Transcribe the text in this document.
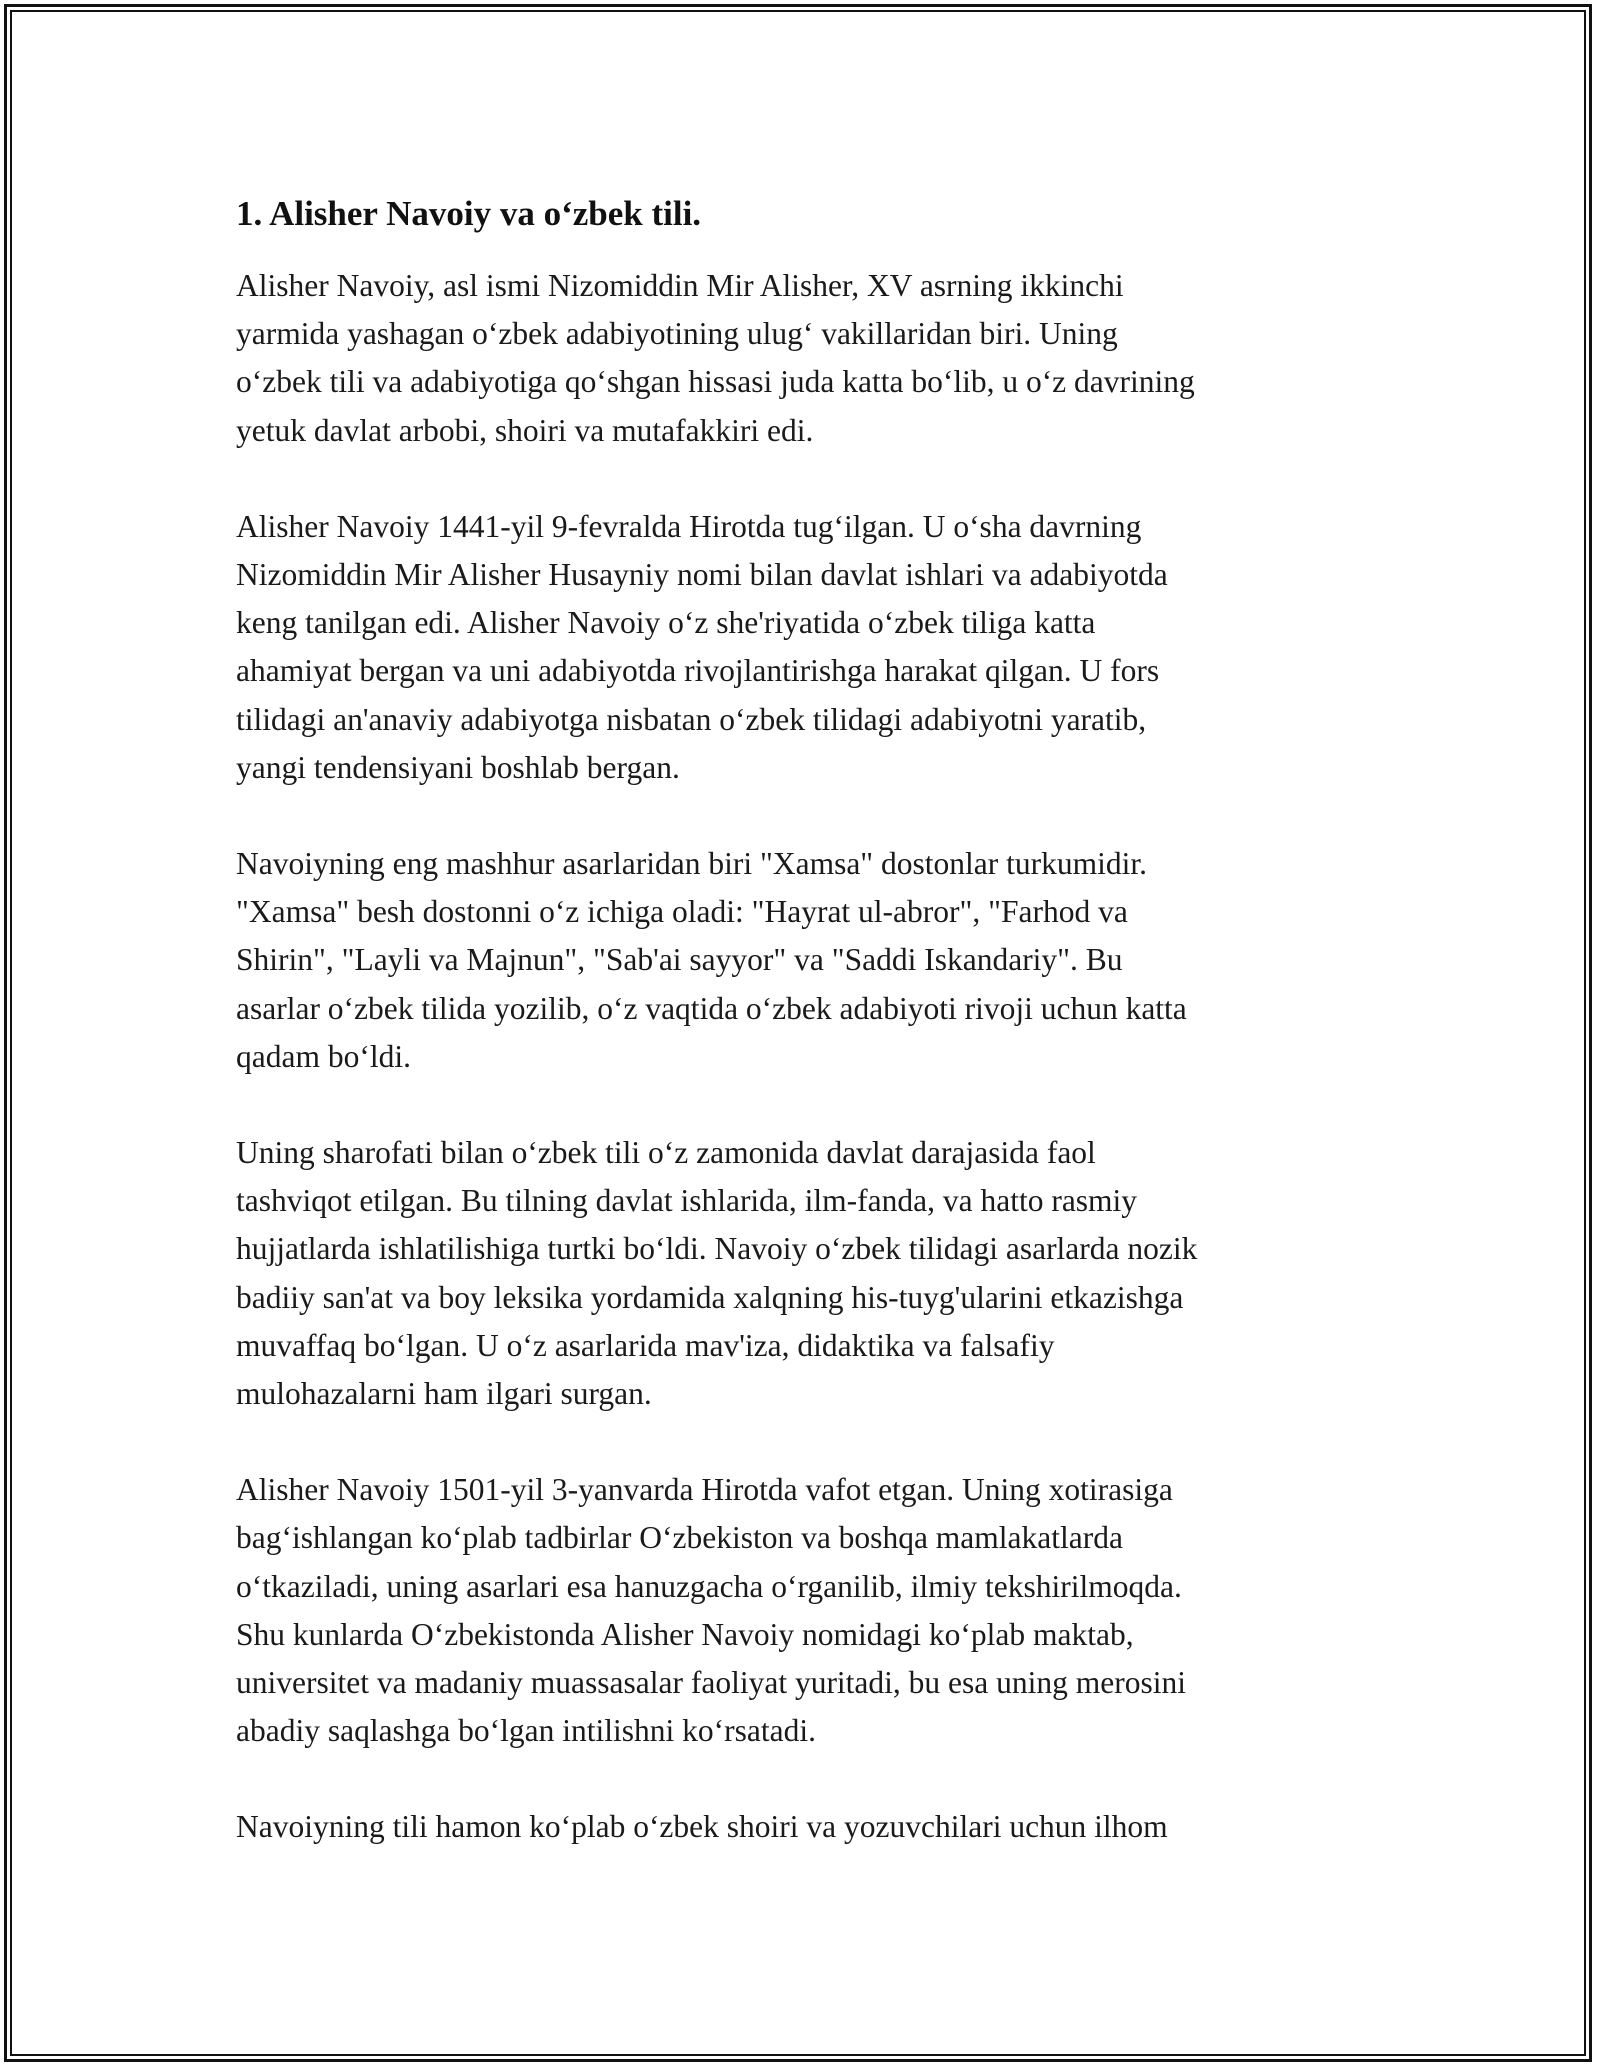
1. Alisher Navoiy va o‘zbek tili.

Alisher Navoiy, asl ismi Nizomiddin Mir Alisher, XV asrning ikkinchi
yarmida yashagan o‘zbek adabiyotining ulug‘ vakillaridan biri. Uning
o‘zbek tili va adabiyotiga qo‘shgan hissasi juda katta bo‘lib, u o‘z davrining
yetuk davlat arbobi, shoiri va mutafakkiri edi.

Alisher Navoiy 1441-yil 9-fevralda Hirotda tug‘ilgan. U o‘sha davrning
Nizomiddin Mir Alisher Husayniy nomi bilan davlat ishlari va adabiyotda
keng tanilgan edi. Alisher Navoiy o‘z she'riyatida o‘zbek tiliga katta
ahamiyat bergan va uni adabiyotda rivojlantirishga harakat qilgan. U fors
tilidagi an'anaviy adabiyotga nisbatan o‘zbek tilidagi adabiyotni yaratib,
yangi tendensiyani boshlab bergan.

Navoiyning eng mashhur asarlaridan biri "Xamsa" dostonlar turkumidir.
"Xamsa" besh dostonni o‘z ichiga oladi: "Hayrat ul-abror", "Farhod va
Shirin", "Layli va Majnun", "Sab'ai sayyor" va "Saddi Iskandariy". Bu
asarlar o‘zbek tilida yozilib, o‘z vaqtida o‘zbek adabiyoti rivoji uchun katta
qadam bo‘ldi.

Uning sharofati bilan o‘zbek tili o‘z zamonida davlat darajasida faol
tashviqot etilgan. Bu tilning davlat ishlarida, ilm-fanda, va hatto rasmiy
hujjatlarda ishlatilishiga turtki bo‘ldi. Navoiy o‘zbek tilidagi asarlarda nozik
badiiy san'at va boy leksika yordamida xalqning his-tuyg'ularini etkazishga
muvaffaq bo‘lgan. U o‘z asarlarida mav'iza, didaktika va falsafiy
mulohazalarni ham ilgari surgan.

Alisher Navoiy 1501-yil 3-yanvarda Hirotda vafot etgan. Uning xotirasiga
bag‘ishlangan ko‘plab tadbirlar O‘zbekiston va boshqa mamlakatlarda
o‘tkaziladi, uning asarlari esa hanuzgacha o‘rganilib, ilmiy tekshirilmoqda.
Shu kunlarda O‘zbekistonda Alisher Navoiy nomidagi ko‘plab maktab,
universitet va madaniy muassasalar faoliyat yuritadi, bu esa uning merosini
abadiy saqlashga bo‘lgan intilishni ko‘rsatadi.

Navoiyning tili hamon ko‘plab o‘zbek shoiri va yozuvchilari uchun ilhom
